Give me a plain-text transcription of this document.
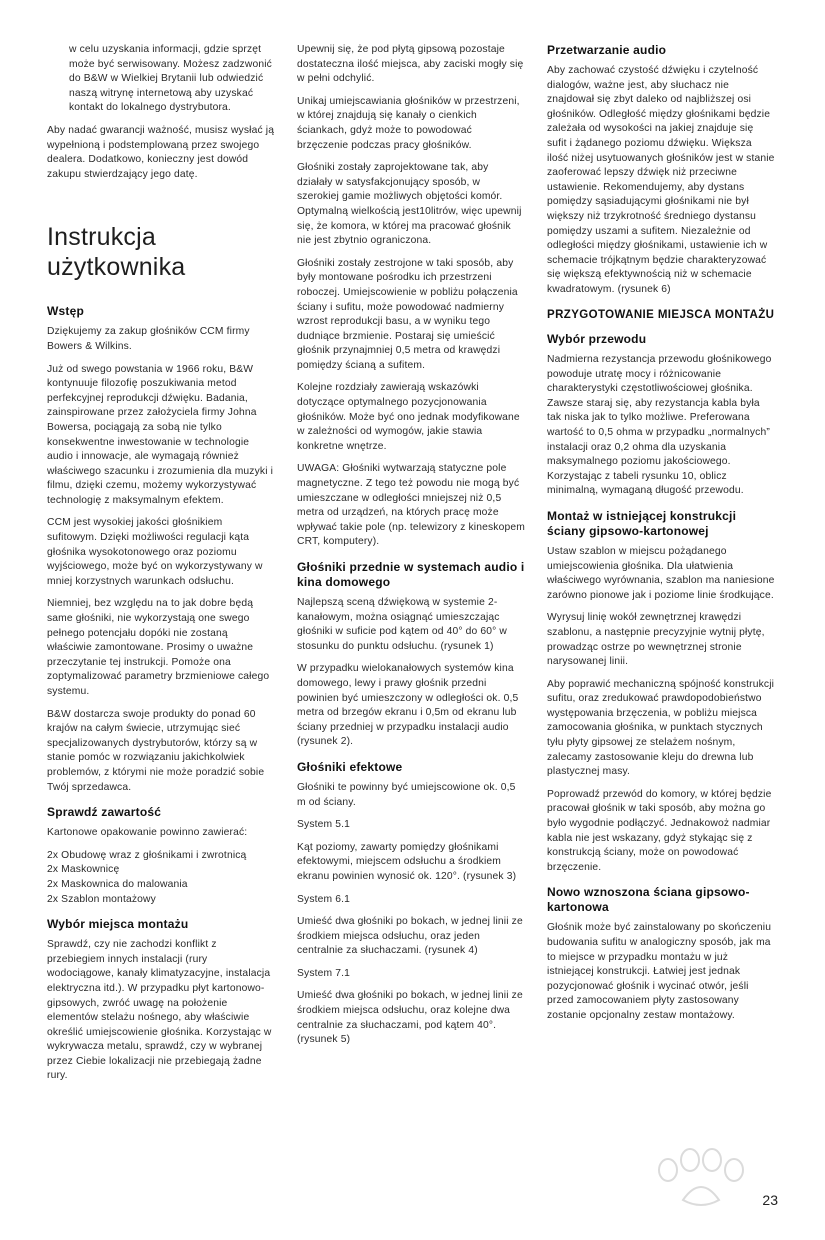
w celu uzyskania informacji, gdzie sprzęt może być serwisowany. Możesz zadzwonić do B&W w Wielkiej Brytanii lub odwiedzić naszą witrynę internetową aby uzyskać kontakt do lokalnego dystrybutora.

Aby nadać gwarancji ważność, musisz wysłać ją wypełnioną i podstemplowaną przez swojego dealera. Dodatkowo, konieczny jest dowód zakupu stwierdzający jego datę.

Instrukcja
użytkownika
Wstęp

Dziękujemy za zakup głośników CCM firmy Bowers & Wilkins.

Już od swego powstania w 1966 roku, B&W kontynuuje filozofię poszukiwania metod perfekcyjnej reprodukcji dźwięku. Badania, zainspirowane przez założyciela firmy Johna Bowersa, pociągają za sobą nie tylko konsekwentne inwestowanie w technologie audio i innowacje, ale wymagają również właściwego szacunku i zrozumienia dla muzyki i filmu, dzięki czemu, możemy wykorzystywać technologię z maksymalnym efektem.

CCM jest wysokiej jakości głośnikiem sufitowym. Dzięki możliwości regulacji kąta głośnika wysokotonowego oraz poziomu wyjściowego, może być on wykorzystywany w mniej korzystnych warunkach odsłuchu.

Niemniej, bez względu na to jak dobre będą same głośniki, nie wykorzystają one swego pełnego potencjału dopóki nie zostaną właściwie zamontowane. Prosimy o uważne przeczytanie tej instrukcji. Pomoże ona zoptymalizować parametry brzmieniowe całego systemu.

B&W dostarcza swoje produkty do ponad 60 krajów na całym świecie, utrzymując sieć specjalizowanych dystrybutorów, którzy są w stanie pomóc w rozwiązaniu jakichkolwiek problemów, z którymi nie może poradzić sobie Twój sprzedawca.

Sprawdź zawartość

Kartonowe opakowanie powinno zawierać:

2x Obudowę wraz z głośnikami i zwrotnicą
2x Maskownicę
2x Maskownica do malowania
2x Szablon montażowy
Wybór miejsca montażu

Sprawdź, czy nie zachodzi konflikt z przebiegiem innych instalacji (rury wodociągowe, kanały klimatyzacyjne, instalacja elektryczna itd.). W przypadku płyt kartonowo-gipsowych, zwróć uwagę na położenie elementów stelażu nośnego, aby właściwie określić umiejscowienie głośnika. Korzystając w wykrywacza metalu, sprawdź, czy w wybranej przez Ciebie lokalizacji nie przebiegają żadne rury.

Upewnij się, że pod płytą gipsową pozostaje dostateczna ilość miejsca, aby zaciski mogły się w pełni odchylić.

Unikaj umiejscawiania głośników w przestrzeni, w której znajdują się kanały o cienkich ściankach, gdyż może to powodować brzęczenie podczas pracy głośników.

Głośniki zostały zaprojektowane tak, aby działały w satysfakcjonujący sposób, w szerokiej gamie możliwych objętości komór. Optymalną wielkością jest10litrów, więc upewnij się, że komora, w której ma pracować głośnik nie jest zbytnio ograniczona.

Głośniki zostały zestrojone w taki sposób, aby były montowane pośrodku ich przestrzeni roboczej. Umiejscowienie w pobliżu połączenia ściany i sufitu, może powodować nadmierny wzrost reprodukcji basu, a w wyniku tego dudniące brzmienie. Postaraj się umieścić głośnik przynajmniej 0,5 metra od krawędzi pomiędzy ścianą a sufitem.

Kolejne rozdziały zawierają wskazówki dotyczące optymalnego pozycjonowania głośników. Może być ono jednak modyfikowane w zależności od wymogów, jakie stawia konkretne wnętrze.

UWAGA: Głośniki wytwarzają statyczne pole magnetyczne. Z tego też powodu nie mogą być umieszczane w odległości mniejszej niż 0,5 metra od urządzeń, na których pracę może wpływać takie pole (np. telewizory z kineskopem CRT, komputery).

Głośniki przednie w systemach audio i kina domowego

Najlepszą sceną dźwiękową w systemie 2-kanałowym, można osiągnąć umieszczając głośniki w suficie pod kątem od 40° do 60° w stosunku do punktu odsłuchu. (rysunek 1)

W przypadku wielokanałowych systemów kina domowego, lewy i prawy głośnik przedni powinien być umieszczony w odległości ok. 0,5 metra od brzegów ekranu i 0,5m od ekranu lub ściany przedniej w przypadku instalacji audio (rysunek 2).

Głośniki efektowe

Głośniki te powinny być umiejscowione ok. 0,5 m od ściany.

System 5.1

Kąt poziomy, zawarty pomiędzy głośnikami efektowymi, miejscem odsłuchu a środkiem ekranu powinien wynosić ok. 120°. (rysunek 3)

System 6.1

Umieść dwa głośniki po bokach, w jednej linii ze środkiem miejsca odsłuchu, oraz jeden centralnie za słuchaczami. (rysunek 4)

System 7.1

Umieść dwa głośniki po bokach, w jednej linii ze środkiem miejsca odsłuchu, oraz kolejne dwa centralnie za słuchaczami, pod kątem 40°. (rysunek 5)

Przetwarzanie audio

Aby zachować czystość dźwięku i czytelność dialogów, ważne jest, aby słuchacz nie znajdował się zbyt daleko od najbliższej osi głośników. Odległość między głośnikami będzie zależała od wysokości na jakiej znajduje się sufit i żądanego poziomu dźwięku. Większa ilość niżej usytuowanych głośników jest w stanie zaoferować lepszy dźwięk niż przeciwne ustawienie. Rekomendujemy, aby dystans pomiędzy sąsiadującymi głośnikami nie był większy niż trzykrotność średniego dystansu pomiędzy uszami a sufitem. Niezależnie od odległości między głośnikami, ustawienie ich w schemacie trójkątnym będzie charakteryzować się większą efektywnością niż w schemacie kwadratowym. (rysunek 6)

PRZYGOTOWANIE MIEJSCA MONTAŻU
Wybór przewodu

Nadmierna rezystancja przewodu głośnikowego powoduje utratę mocy i różnicowanie charakterystyki częstotliwościowej głośnika. Zawsze staraj się, aby rezystancja kabla była tak niska jak to tylko możliwe. Preferowana wartość to 0,5 ohma w przypadku „normalnych” instalacji oraz 0,2 ohma dla uzyskania maksymalnego poziomu jakościowego. Korzystając z tabeli rysunku 10, oblicz minimalną, wymaganą długość przewodu.

Montaż w istniejącej konstrukcji ściany gipsowo-kartonowej

Ustaw szablon w miejscu pożądanego umiejscowienia głośnika. Dla ułatwienia właściwego wyrównania, szablon ma naniesione zarówno pionowe jak i poziome linie środkujące.

Wyrysuj linię wokół zewnętrznej krawędzi szablonu, a następnie precyzyjnie wytnij płytę, prowadząc ostrze po wewnętrznej stronie narysowanej linii.

Aby poprawić mechaniczną spójność konstrukcji sufitu, oraz zredukować prawdopodobieństwo występowania brzęczenia, w pobliżu miejsca zamocowania głośnika, w punktach stycznych tyłu płyty gipsowej ze stelażem nośnym, zalecamy zastosowanie kleju do drewna lub plastycznej masy.

Poprowadź przewód do komory, w której będzie pracował głośnik w taki sposób, aby można go było wygodnie podłączyć. Jednakowoż nadmiar kabla nie jest wskazany, gdyż stykając się z konstrukcją ściany, może on powodować brzęczenie.

Nowo wznoszona ściana gipsowo-kartonowa

Głośnik może być zainstalowany po skończeniu budowania sufitu w analogiczny sposób, jak ma to miejsce w przypadku montażu w już istniejącej konstrukcji. Łatwiej jest jednak pozycjonować głośnik i wycinać otwór, jeśli przed zamocowaniem płyty zastosowany zostanie opcjonalny zestaw montażowy.

23
